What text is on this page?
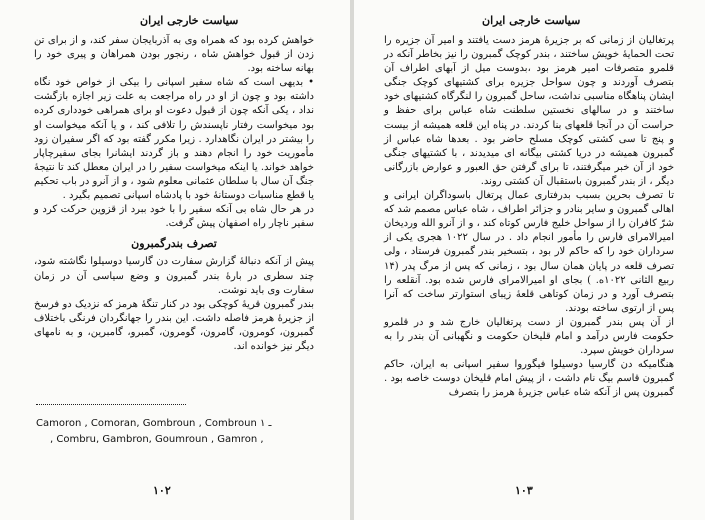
سیاست خارجی ایران

خواهش کرده بود که همراه وی به آذربایجان سفر کند، و از برای تن زدن از قبول خواهش شاه ، رنجور بودن همراهان و پیری خود را بهانه ساخته بود.

• بدیهی است که شاه سفیر اسپانی را بیکی از خواص خود نگاه داشته بود و چون از او در راه مراجعت به علت زیر اجازه بازگشت نداد ، یکی آنکه چون از قبول دعوت او برای همراهی خودداری کرده بود میخواست رفتار ناپسندش را تلافی کند ، و یا آنکه میخواست او را بیشتر در ایران نگاهدارد . زیرا مکرر گفته بود که اگر سفیران زود مأموریت خود را انجام دهند و باز گردند ایشانرا بجای سفیرچاپار خواهد خواند. یا اینکه میخواست سفیر را در ایران معطل کند تا نتیجهٔ جنگ آن سال با سلطان عثمانی معلوم شود ، و از آنرو در باب تحکیم یا قطع مناسبات دوستانهٔ خود با پادشاه اسپانی تصمیم بگیرد .

در هر حال شاه بی آنکه سفیر را با خود ببرد از قزوین حرکت کرد و سفیر ناچار راه اصفهان پیش گرفت.

تصرف بندرگمبرون

پیش از آنکه دنبالهٔ گزارش سفارت دن گارسیا دوسیلوا نگاشته شود، چند سطری در بارهٔ بندر گمبرون و وضع سیاسی آن در زمان سفارت وی باید نوشت.

بندر گمبرون قریهٔ کوچکی بود در کنار تنگهٔ هرمز که نزدیک دو فرسخ از جزیرهٔ هرمز فاصله داشت. این بندر را جهانگردان فرنگی باختلاف گمبرون، کومرون، گامرون، گومرون، گمبرو، گامبرین، و به نامهای دیگر نیز خوانده اند.

Camoron , Comoran, Gombroun , Combroun ـ ۱
, Combru, Gambron, Goumroun , Gamron ,
۱۰۲
سیاست خارجی ایران

پرتغالیان از زمانی که بر جزیرهٔ هرمز دست یافتند و امیر آن جزیره را تحت الحمایهٔ خویش ساختند ، بندر کوچک گمبرون را نیز بخاطر آنکه در قلمرو متصرفات امیر هرمز بود ،بدوست میل از آبهای اطراف آن بتصرف آوردند و چون سواحل جزیره برای کشتیهای کوچک جنگی ایشان پناهگاه مناسبی نداشت، ساحل گمبرون را لنگرگاه کشتیهای خود ساختند و در سالهای نخستین سلطنت شاه عباس برای حفظ و حراست آن در آنجا قلعهای بنا کردند. در پناه این قلعه همیشه از بیست و پنج تا سی کشتی کوچک مسلح حاضر بود . بعدها شاه عباس از گمبرون همیشه در دریا کشتی بیگانه ای میدیدند ، با کشتیهای جنگی خود از آن خبر میگرفتند، تا برای گرفتن حق العبور و عوارض بازرگانی دیگر ، از بندر گمبرون باستقبال آن کشتی روند.

تا تصرف بحرین بسبب بدرفتاری عمال پرتغال باسوداگران ایرانی و اهالی گمبرون و سایر بنادر و جزائر اطراف ، شاه عباس مصمم شد که شرّ کافران را از سواحل خلیج فارس کوتاه کند ، و از آنرو الله وردیخان امیرالامرای فارس را مأمور انجام داد . در سال ۱۰۲۲ هجری یکی از سرداران خود را که حاکم لار بود ، بتسخیر بندر گمبرون فرستاد ، ولی تصرف قلعه در پایان همان سال بود ، زمانی که پس از مرگ پدر (۱۴ ربیع الثانی ۱۰۲۲ه. ) بجای او امیرالامرای فارس شده بود. آنقلعه را بتصرف آورد و در زمان کوتاهی قلعهٔ زیبای استوارتر ساخت که آنرا پس از ارتوی ساخته بودند.

از آن پس بندر گمبرون از دست پرتغالیان خارج شد و در قلمرو حکومت فارس درآمد و امام قلیخان حکومت و نگهبانی آن بندر را به سرداران خویش سپرد.

هنگامیکه دن گارسیا دوسیلوا فیگوروا سفیر اسپانی به ایران، حاکم گمبرون قاسم بیگ نام داشت ، از پیش امام قلیخان دوست خاصه بود . گمبرون پس از آنکه شاه عباس جزیرهٔ هرمز را بتصرف

۱۰۳
